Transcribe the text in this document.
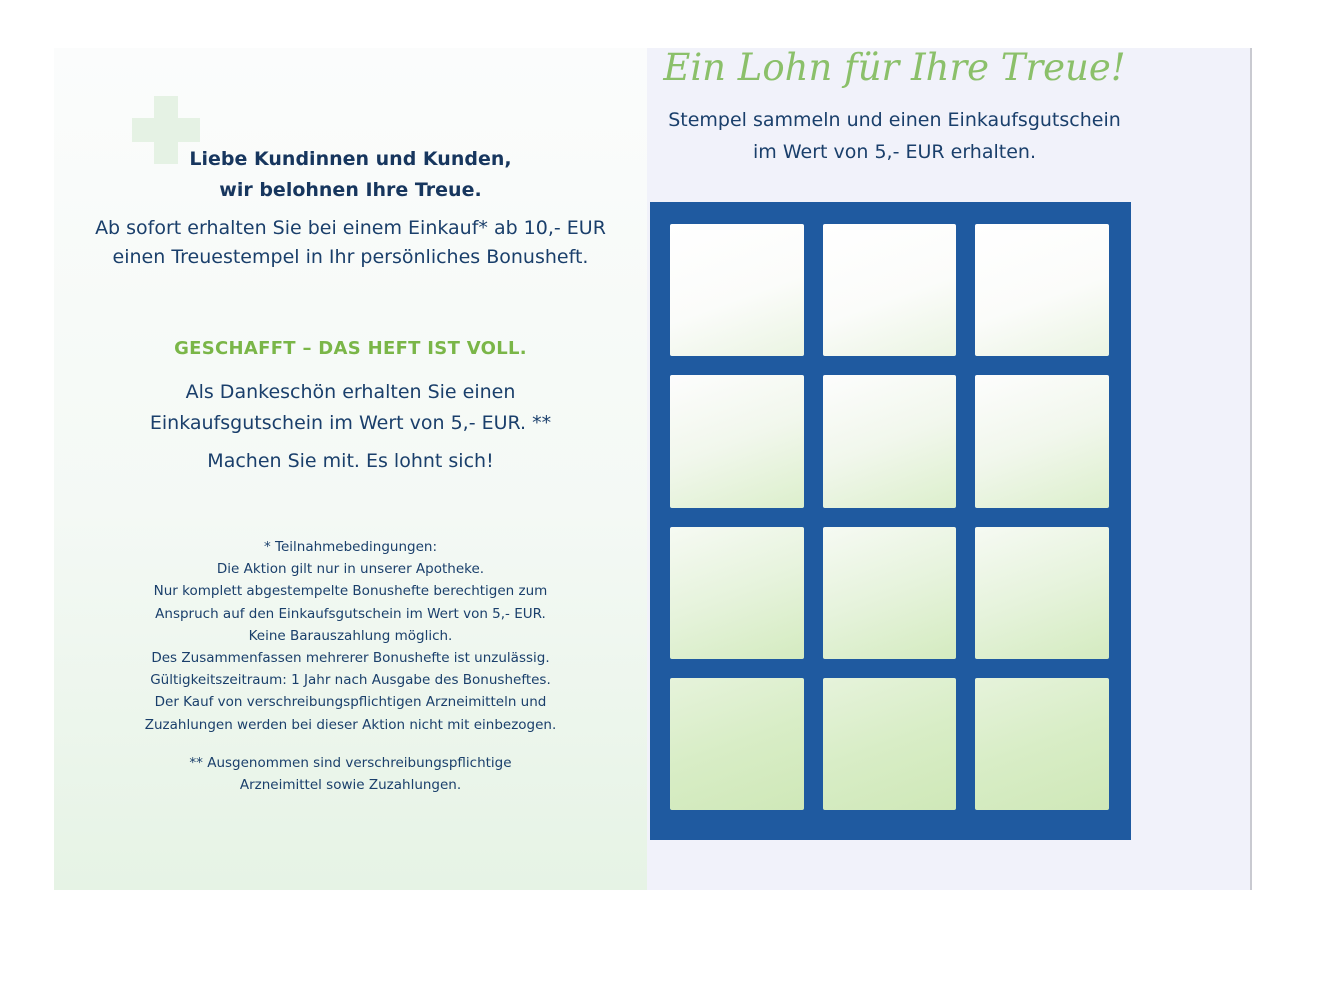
Liebe Kundinnen und Kunden,
wir belohnen Ihre Treue.
Ab sofort erhalten Sie bei einem Einkauf* ab 10,- EUR
einen Treuestempel in Ihr persönliches Bonusheft.
GESCHAFFT – DAS HEFT IST VOLL.
Als Dankeschön erhalten Sie einen
Einkaufsgutschein im Wert von 5,- EUR. **
Machen Sie mit. Es lohnt sich!
* Teilnahmebedingungen:
Die Aktion gilt nur in unserer Apotheke.
Nur komplett abgestempelte Bonushefte berechtigen zum
Anspruch auf den Einkaufsgutschein im Wert von 5,- EUR.
Keine Barauszahlung möglich.
Des Zusammenfassen mehrerer Bonushefte ist unzulässig.
Gültigkeitszeitraum: 1 Jahr nach Ausgabe des Bonusheftes.
Der Kauf von verschreibungspflichtigen Arzneimitteln und
Zuzahlungen werden bei dieser Aktion nicht mit einbezogen.
** Ausgenommen sind verschreibungspflichtige
Arzneimittel sowie Zuzahlungen.
Ein Lohn für Ihre Treue!
Stempel sammeln und einen Einkaufsgutschein
im Wert von 5,- EUR erhalten.
